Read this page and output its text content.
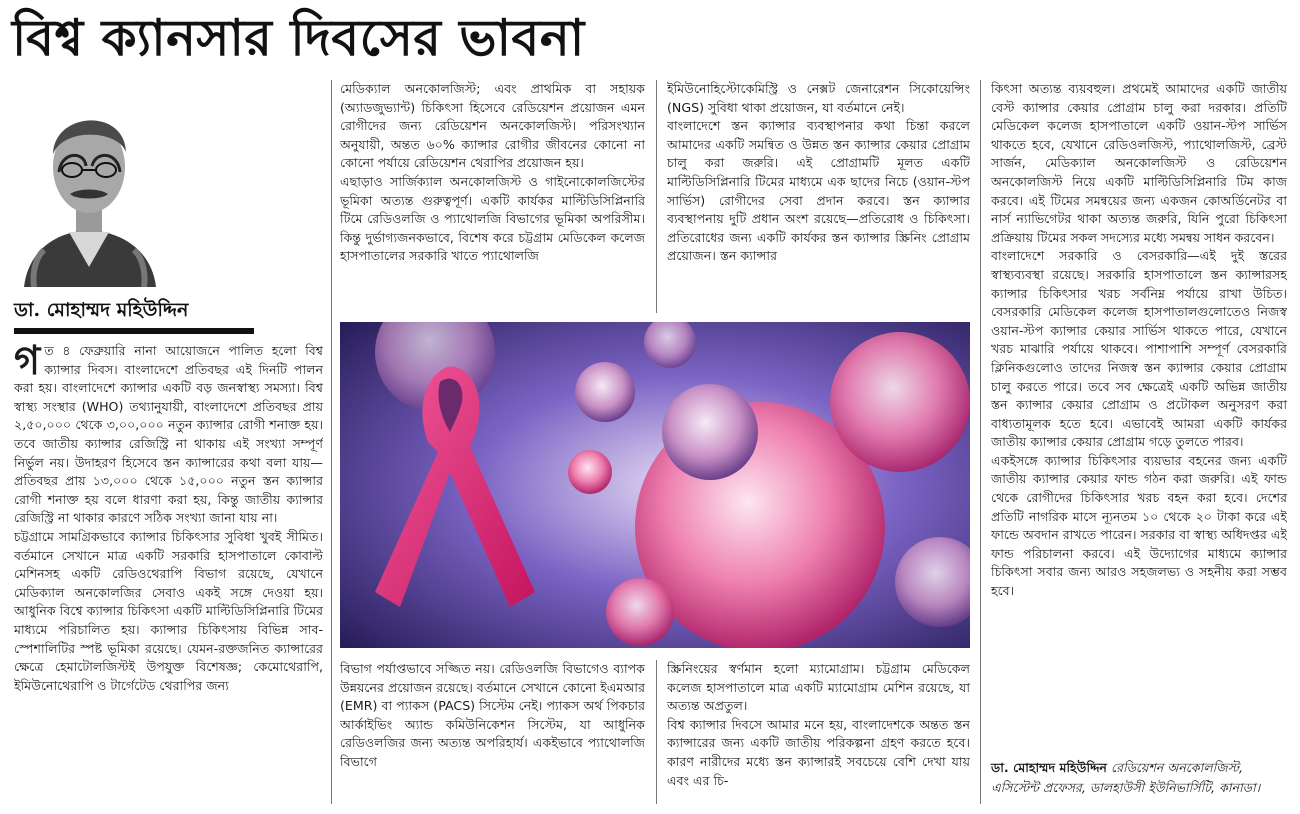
বিশ্ব ক্যানসার দিবসের ভাবনা
ডা. মোহাম্মদ মহিউদ্দিন

গ ত ৪ ফেব্রুয়ারি নানা আয়োজনে পালিত হলো বিশ্ব ক্যান্সার দিবস। বাংলাদেশে প্রতিবছর এই দিনটি পালন করা হয়। বাংলাদেশে ক্যান্সার একটি বড় জনস্বাস্থ্য সমস্যা। বিশ্ব স্বাস্থ্য সংস্থার (WHO) তথ্যানুযায়ী, বাংলাদেশে প্রতিবছর প্রায় ২,৫০,০০০ থেকে ৩,০০,০০০ নতুন ক্যান্সার রোগী শনাক্ত হয়। তবে জাতীয় ক্যান্সার রেজিস্ট্রি না থাকায় এই সংখ্যা সম্পূর্ণ নির্ভুল নয়। উদাহরণ হিসেবে স্তন ক্যান্সারের কথা বলা যায়—প্রতিবছর প্রায় ১৩,০০০ থেকে ১৫,০০০ নতুন স্তন ক্যান্সার রোগী শনাক্ত হয় বলে ধারণা করা হয়, কিন্তু জাতীয় ক্যান্সার রেজিস্ট্রি না থাকার কারণে সঠিক সংখ্যা জানা যায় না।

চট্টগ্রামে সামগ্রিকভাবে ক্যান্সার চিকিৎসার সুবিধা খুবই সীমিত। বর্তমানে সেখানে মাত্র একটি সরকারি হাসপাতালে কোবাল্ট মেশিনসহ একটি রেডিওথেরাপি বিভাগ রয়েছে, যেখানে মেডিক্যাল অনকোলজির সেবাও একই সঙ্গে দেওয়া হয়। আধুনিক বিশ্বে ক্যান্সার চিকিৎসা একটি মাল্টিডিসিপ্লিনারি টিমের মাধ্যমে পরিচালিত হয়। ক্যান্সার চিকিৎসায় বিভিন্ন সাব-স্পেশালিটির স্পষ্ট ভূমিকা রয়েছে। যেমন-রক্তজনিত ক্যান্সারের ক্ষেত্রে হেমাটোলজিস্টই উপযুক্ত বিশেষজ্ঞ; কেমোথেরাপি, ইমিউনোথেরাপি ও টার্গেটেড থেরাপির জন্য

মেডিক্যাল অনকোলজিস্ট; এবং প্রাথমিক বা সহায়ক (অ্যাডজুভ্যান্ট) চিকিৎসা হিসেবে রেডিয়েশন প্রয়োজন এমন রোগীদের জন্য রেডিয়েশন অনকোলজিস্ট। পরিসংখ্যান অনুযায়ী, অন্তত ৬০% ক্যান্সার রোগীর জীবনের কোনো না কোনো পর্যায়ে রেডিয়েশন থেরাপির প্রয়োজন হয়।

এছাড়াও সার্জিক্যাল অনকোলজিস্ট ও গাইনোকোলজিস্টের ভূমিকা অত্যন্ত গুরুত্বপূর্ণ। একটি কার্যকর মাল্টিডিসিপ্লিনারি টিমে রেডিওলজি ও প্যাথোলজি বিভাগের ভূমিকা অপরিসীম। কিন্তু দুর্ভাগ্যজনকভাবে, বিশেষ করে চট্টগ্রাম মেডিকেল কলেজ হাসপাতালের সরকারি খাতে প্যাথোলজি

ইমিউনোহিস্টোকেমিস্ট্রি ও নেক্সট জেনারেশন সিকোয়েন্সিং (NGS) সুবিধা থাকা প্রয়োজন, যা বর্তমানে নেই।

বাংলাদেশে স্তন ক্যান্সার ব্যবস্থাপনার কথা চিন্তা করলে আমাদের একটি সমন্বিত ও উন্নত স্তন ক্যান্সার কেয়ার প্রোগ্রাম চালু করা জরুরি। এই প্রোগ্রামটি মূলত একটি মাল্টিডিসিপ্লিনারি টিমের মাধ্যমে এক ছাদের নিচে (ওয়ান-স্টপ সার্ভিস) রোগীদের সেবা প্রদান করবে। স্তন ক্যান্সার ব্যবস্থাপনায় দুটি প্রধান অংশ রয়েছে—প্রতিরোধ ও চিকিৎসা। প্রতিরোধের জন্য একটি কার্যকর স্তন ক্যান্সার স্ক্রিনিং প্রোগ্রাম প্রয়োজন। স্তন ক্যান্সার

বিভাগ পর্যাপ্তভাবে সজ্জিত নয়। রেডিওলজি বিভাগেও ব্যাপক উন্নয়নের প্রয়োজন রয়েছে। বর্তমানে সেখানে কোনো ইএমআর (EMR) বা প্যাকস (PACS) সিস্টেম নেই। প্যাকস অর্থ পিকচার আর্কাইভিং অ্যান্ড কমিউনিকেশন সিস্টেম, যা আধুনিক রেডিওলজির জন্য অত্যন্ত অপরিহার্য। একইভাবে প্যাথোলজি বিভাগে

স্ক্রিনিংয়ের স্বর্ণমান হলো ম্যামোগ্রাম। চট্টগ্রাম মেডিকেল কলেজ হাসপাতালে মাত্র একটি ম্যামোগ্রাম মেশিন রয়েছে, যা অত্যন্ত অপ্রতুল।

বিশ্ব ক্যান্সার দিবসে আমার মনে হয়, বাংলাদেশকে অন্তত স্তন ক্যান্সারের জন্য একটি জাতীয় পরিকল্পনা গ্রহণ করতে হবে। কারণ নারীদের মধ্যে স্তন ক্যান্সারই সবচেয়ে বেশি দেখা যায় এবং এর চি-

কিৎসা অত্যন্ত ব্যয়বহুল। প্রথমেই আমাদের একটি জাতীয় বেস্ট ক্যান্সার কেয়ার প্রোগ্রাম চালু করা দরকার। প্রতিটি মেডিকেল কলেজ হাসপাতালে একটি ওয়ান-স্টপ সার্ভিস থাকতে হবে, যেখানে রেডিওলজিস্ট, প্যাথোলজিস্ট, ব্রেস্ট সার্জন, মেডিক্যাল অনকোলজিস্ট ও রেডিয়েশন অনকোলজিস্ট নিয়ে একটি মাল্টিডিসিপ্লিনারি টিম কাজ করবে। এই টিমের সমন্বয়ের জন্য একজন কোঅর্ডিনেটর বা নার্স ন্যাভিগেটর থাকা অত্যন্ত জরুরি, যিনি পুরো চিকিৎসা প্রক্রিয়ায় টিমের সকল সদস্যের মধ্যে সমন্বয় সাধন করবেন।

বাংলাদেশে সরকারি ও বেসরকারি—এই দুই স্তরের স্বাস্থ্যব্যবস্থা রয়েছে। সরকারি হাসপাতালে স্তন ক্যান্সারসহ ক্যান্সার চিকিৎসার খরচ সর্বনিম্ন পর্যায়ে রাখা উচিত। বেসরকারি মেডিকেল কলেজ হাসপাতালগুলোতেও নিজস্ব ওয়ান-স্টপ ক্যান্সার কেয়ার সার্ভিস থাকতে পারে, যেখানে খরচ মাঝারি পর্যায়ে থাকবে। পাশাপাশি সম্পূর্ণ বেসরকারি ক্লিনিকগুলোও তাদের নিজস্ব স্তন ক্যান্সার কেয়ার প্রোগ্রাম চালু করতে পারে। তবে সব ক্ষেত্রেই একটি অভিন্ন জাতীয় স্তন ক্যান্সার কেয়ার প্রোগ্রাম ও প্রটোকল অনুসরণ করা বাধ্যতামূলক হতে হবে। এভাবেই আমরা একটি কার্যকর জাতীয় ক্যান্সার কেয়ার প্রোগ্রাম গড়ে তুলতে পারব।

একইসঙ্গে ক্যান্সার চিকিৎসার ব্যয়ভার বহনের জন্য একটি জাতীয় ক্যান্সার কেয়ার ফান্ড গঠন করা জরুরি। এই ফান্ড থেকে রোগীদের চিকিৎসার খরচ বহন করা হবে। দেশের প্রতিটি নাগরিক মাসে ন্যূনতম ১০ থেকে ২০ টাকা করে এই ফান্ডে অবদান রাখতে পারেন। সরকার বা স্বাস্থ্য অধিদপ্তর এই ফান্ড পরিচালনা করবে। এই উদ্যোগের মাধ্যমে ক্যান্সার চিকিৎসা সবার জন্য আরও সহজলভ্য ও সহনীয় করা সম্ভব হবে।

ডা. মোহাম্মদ মহিউদ্দিন রেডিয়েশন অনকোলজিস্ট,
এসিস্টেন্ট প্রফেসর, ডালহাউসী ইউনিভার্সিটি, কানাডা।
